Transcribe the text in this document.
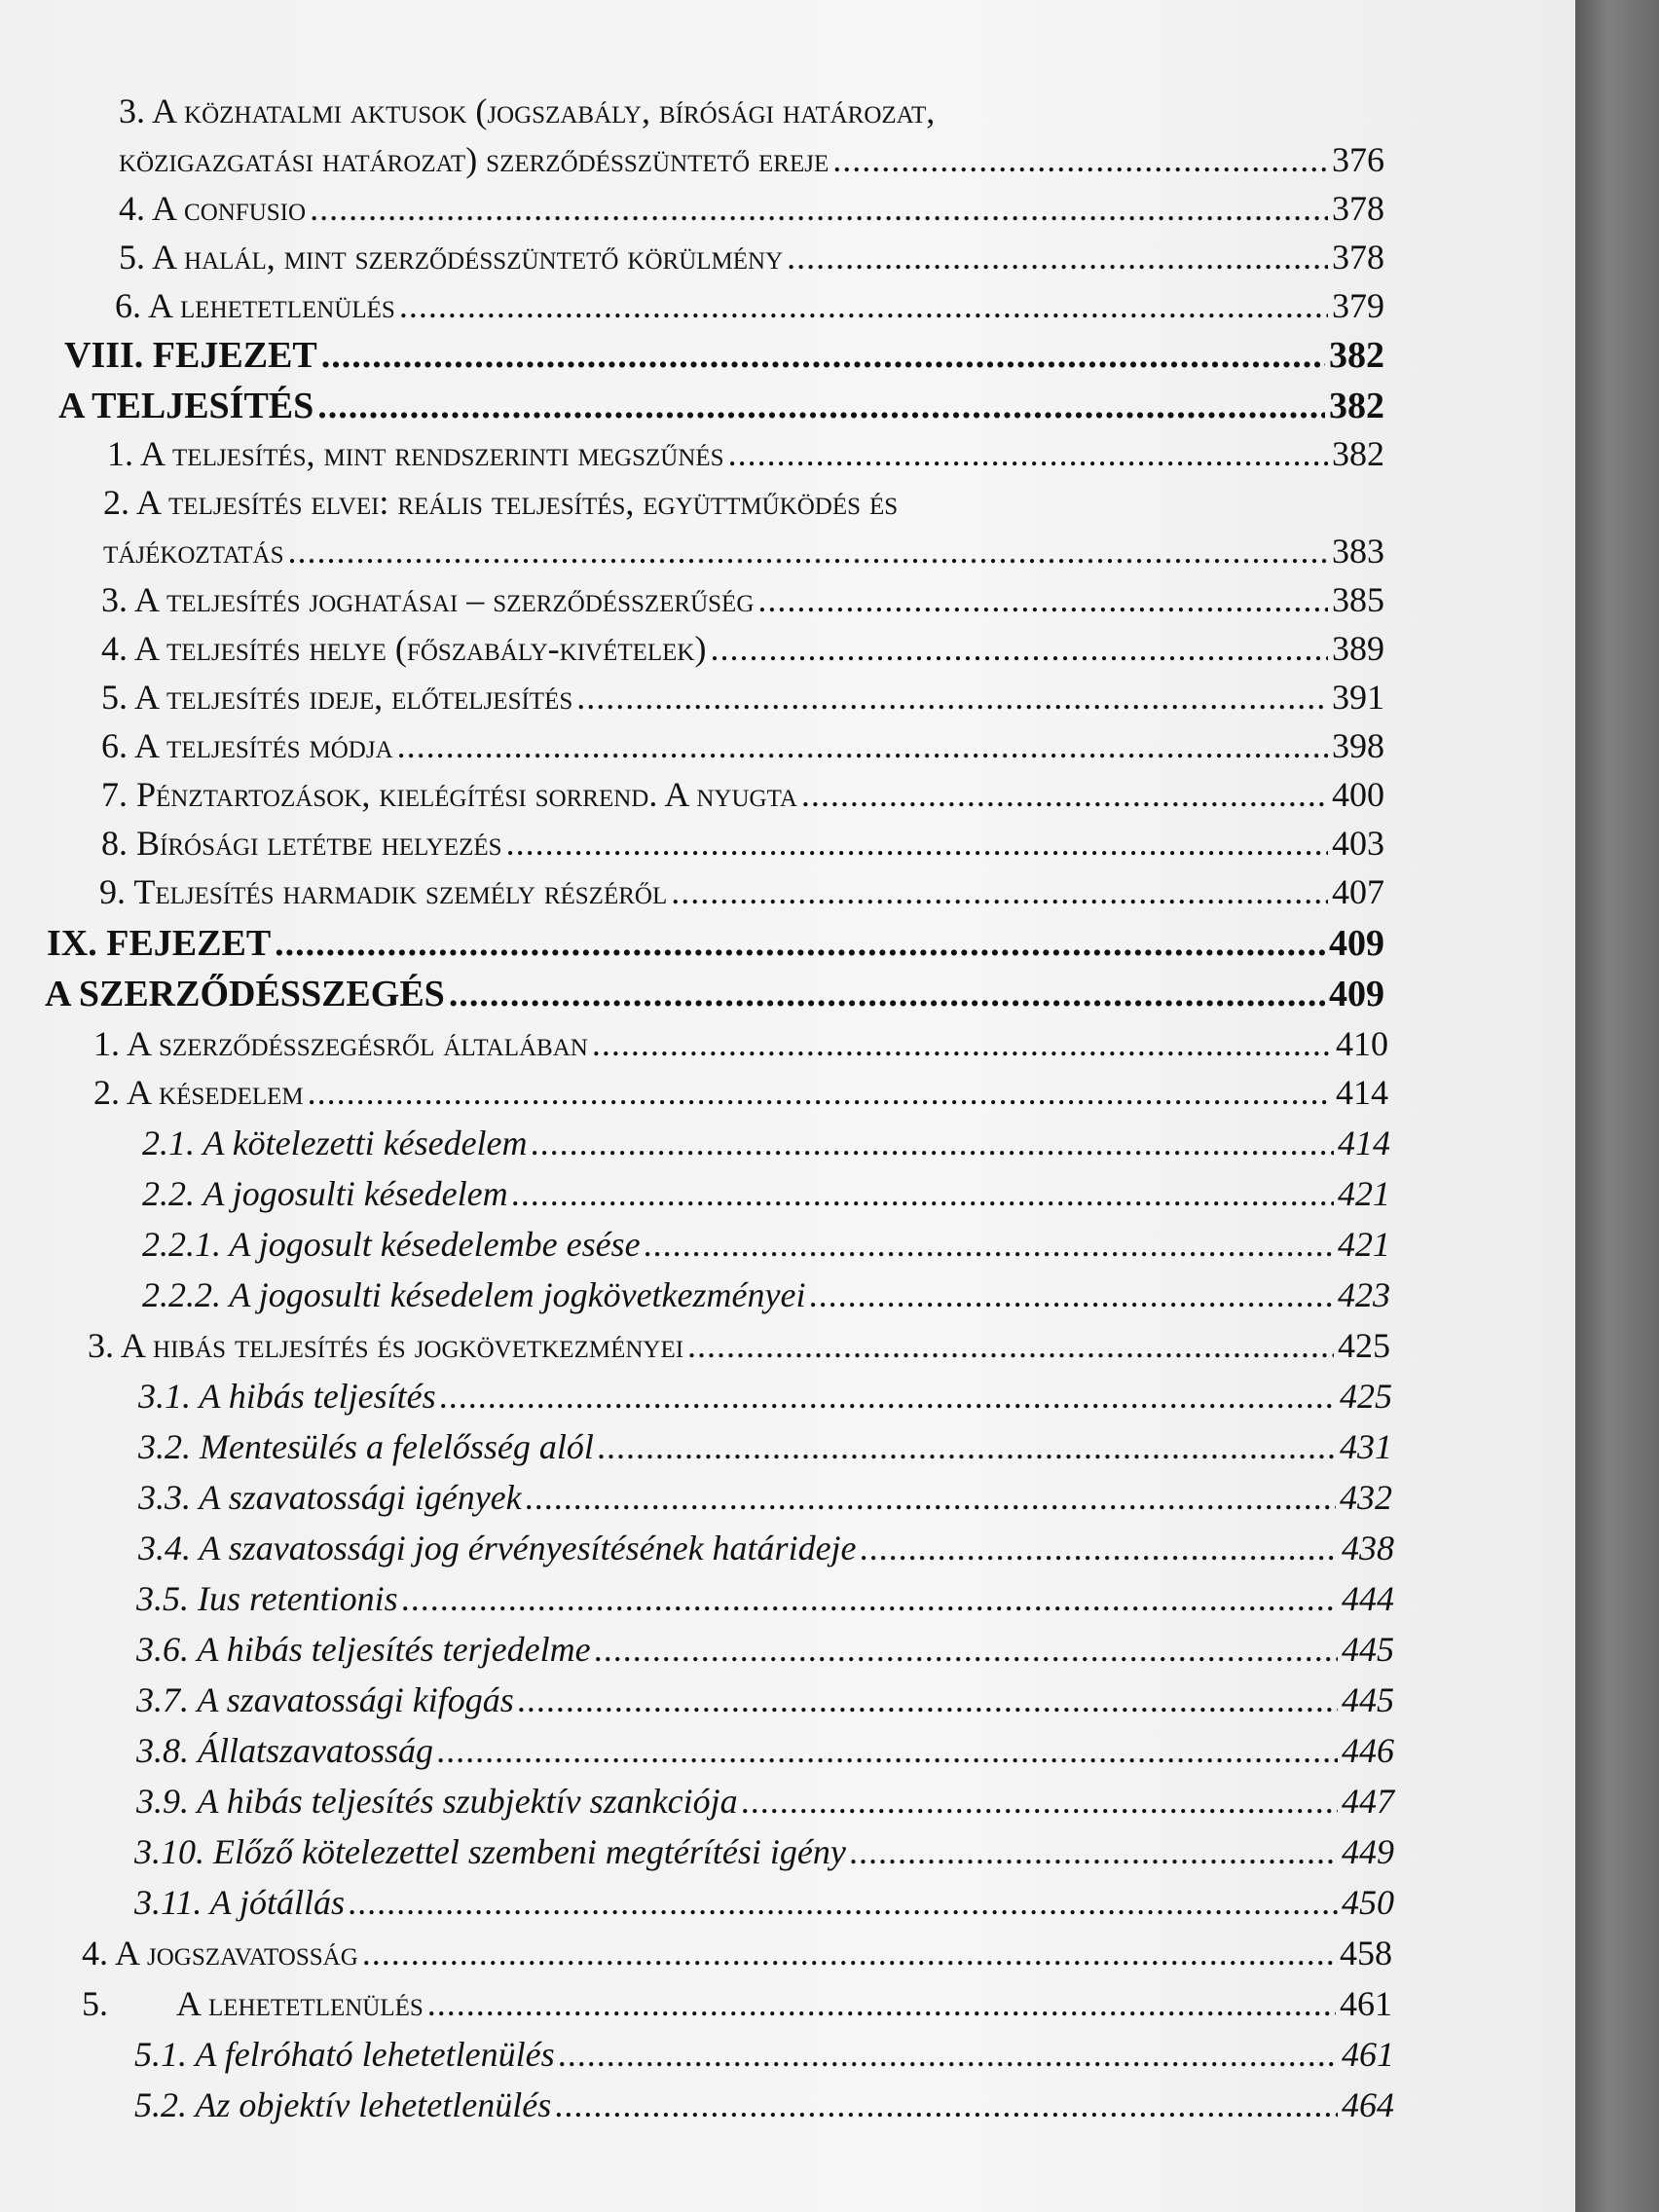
3. A közhatalmi aktusok (jogszabály, bírósági határozat,
közigazgatási határozat) szerződésszüntető ereje .....	376
4. A confusio .....	378
5. A halál, mint szerződésszüntető körülmény .....	378
6. A lehetetlenülés .....	379
VIII. FEJEZET .....	382
A TELJESÍTÉS .....	382
1. A teljesítés, mint rendszerinti megszűnés .....	382
2. A teljesítés elvei: reális teljesítés, együttműködés és
tájékoztatás .....	383
3. A teljesítés joghatásai – szerződésszerűség .....	385
4. A teljesítés helye (főszabály-kivételek) .....	389
5. A teljesítés ideje, előteljesítés .....	391
6. A teljesítés módja .....	398
7. Pénztartozások, kielégítési sorrend. A nyugta .....	400
8. Bírósági letétbe helyezés .....	403
9. Teljesítés harmadik személy részéről .....	407
IX. FEJEZET .....	409
A SZERZŐDÉSSZEGÉS .....	409
1. A szerződésszegésről általában .....	410
2. A késedelem .....	414
2.1. A kötelezetti késedelem .....	414
2.2. A jogosulti késedelem .....	421
2.2.1. A jogosult késedelembe esése .....	421
2.2.2. A jogosulti késedelem jogkövetkezményei .....	423
3. A hibás teljesítés és jogkövetkezményei .....	425
3.1. A hibás teljesítés .....	425
3.2. Mentesülés a felelősség alól .....	431
3.3. A szavatossági igények .....	432
3.4. A szavatossági jog érvényesítésének határideje .....	438
3.5. Ius retentionis .....	444
3.6. A hibás teljesítés terjedelme .....	445
3.7. A szavatossági kifogás .....	445
3.8. Állatszavatosság .....	446
3.9. A hibás teljesítés szubjektív szankciója .....	447
3.10. Előző kötelezettel szembeni megtérítési igény .....	449
3.11. A jótállás .....	450
4. A jogszavatosság .....	458
5. A lehetetlenülés .....	461
5.1. A felróható lehetetlenülés .....	461
5.2. Az objektív lehetetlenülés .....	464
